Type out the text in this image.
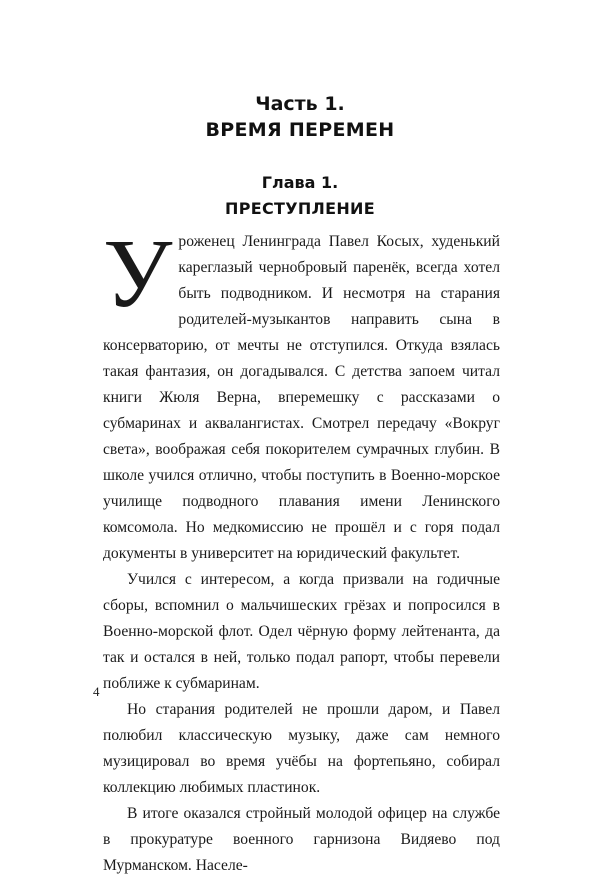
Часть 1.
ВРЕМЯ ПЕРЕМЕН
Глава 1.
ПРЕСТУПЛЕНИЕ

Уроженец Ленинграда Павел Косых, худенький кареглазый чернобровый паренёк, всегда хотел быть подводником. И несмотря на старания родителей-музыкантов направить сына в консерваторию, от мечты не отступился. Откуда взялась такая фантазия, он догадывался. С детства запоем читал книги Жюля Верна, вперемешку с рассказами о субмаринах и аквалангистах. Смотрел передачу «Вокруг света», воображая себя покорителем сумрачных глубин. В школе учился отлично, чтобы поступить в Военно-морское училище подводного плавания имени Ленинского комсомола. Но медкомиссию не прошёл и с горя подал документы в университет на юридический факультет.

Учился с интересом, а когда призвали на годичные сборы, вспомнил о мальчишеских грёзах и попросился в Военно-морской флот. Одел чёрную форму лейтенанта, да так и остался в ней, только подал рапорт, чтобы перевели поближе к субмаринам.

Но старания родителей не прошли даром, и Павел полюбил классическую музыку, даже сам немного музицировал во время учёбы на фортепьяно, собирал коллекцию любимых пластинок.

В итоге оказался стройный молодой офицер на службе в прокуратуре военного гарнизона Видяево под Мурманском. Населе-

4
